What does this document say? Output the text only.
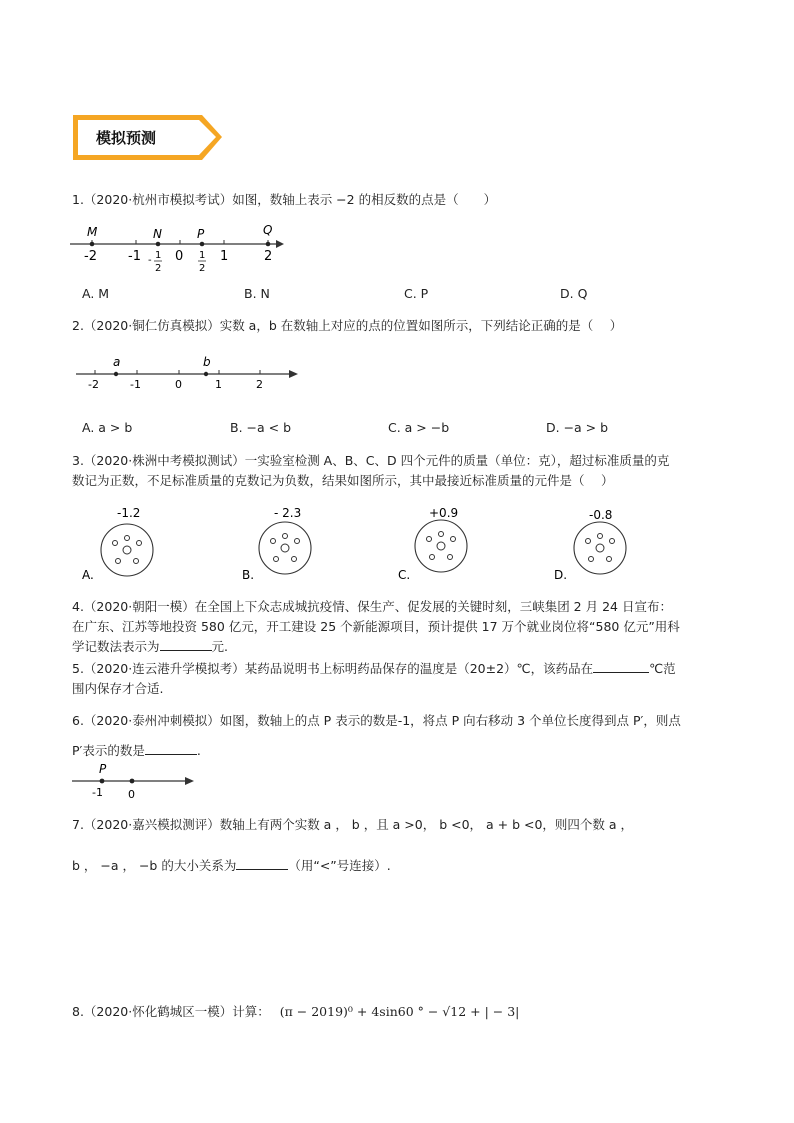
模拟预测
1.（2020·杭州市模拟考试）如图，数轴上表示 −2 的相反数的点是（　　）
M	N	P	Q
-2 -1	0	1	2
- 1
2
1
2
A. M	B. N	C. P	D. Q
2.（2020·铜仁仿真模拟）实数 a，b 在数轴上对应的点的位置如图所示，下列结论正确的是（　 ）
a	b
-2	-1	0	1	2
A. a > b	B. −a < b	C. a > −b	D. −a > b
3.（2020·株洲中考模拟测试）一实验室检测 A、B、C、D 四个元件的质量（单位：克），超过标准质量的克
数记为正数，不足标准质量的克数记为负数，结果如图所示，其中最接近标准质量的元件是（　 ）
-1.2
A.
- 2.3
B.
+0.9
C.
-0.8
D.
4.（2020·朝阳一模）在全国上下众志成城抗疫情、保生产、促发展的关键时刻，三峡集团 2 月 24 日宣布：
在广东、江苏等地投资 580 亿元，开工建设 25 个新能源项目，预计提供 17 万个就业岗位将“580 亿元”用科
学记数法表示为	元.
5.（2020·连云港升学模拟考）某药品说明书上标明药品保存的温度是（20±2）℃，该药品在	℃范
围内保存才合适.
6.（2020·泰州冲刺模拟）如图，数轴上的点 P 表示的数是-1，将点 P 向右移动 3 个单位长度得到点 P′，则点
P′表示的数是	.
P
-1 0
7.（2020·嘉兴模拟测评）数轴上有两个实数 a ， b ，且 a >0， b <0， a + b <0，则四个数 a ，
b ， −a ， −b 的大小关系为	（用“<”号连接）.
8.（2020·怀化鹤城区一模）计算： (π − 2019)⁰ + 4sin60 ° − √12 + | − 3|
